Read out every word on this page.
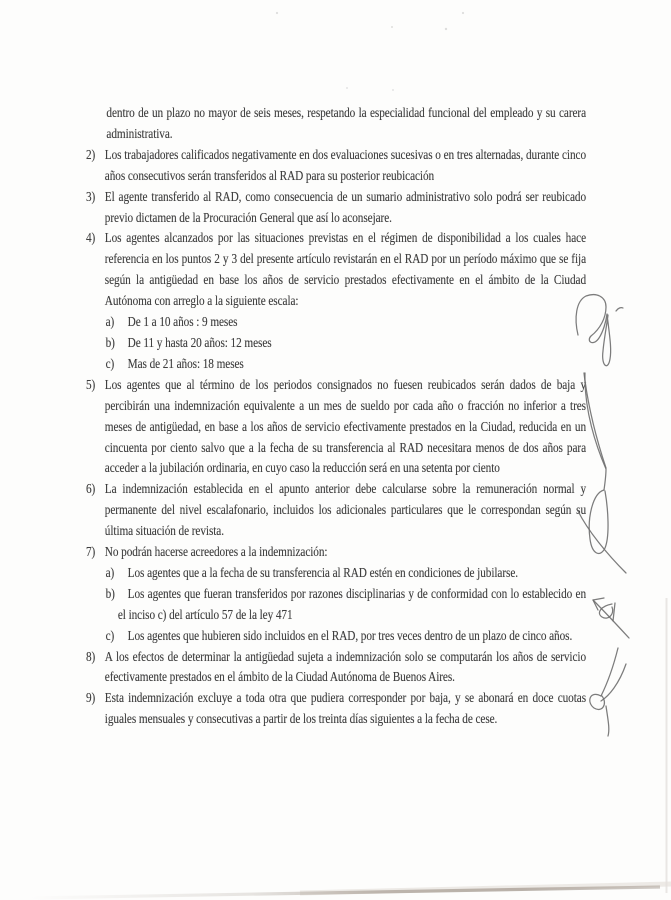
dentro de un plazo no mayor de seis meses, respetando la especialidad funcional del empleado y su carera administrativa.

2) Los trabajadores calificados negativamente en dos evaluaciones sucesivas o en tres alternadas, durante cinco años consecutivos serán transferidos al RAD para su posterior reubicación

3) El agente transferido al RAD, como consecuencia de un sumario administrativo solo podrá ser reubicado previo dictamen de la Procuración General que así lo aconsejare.

4) Los agentes alcanzados por las situaciones previstas en el régimen de disponibilidad a los cuales hace referencia en los puntos 2 y 3 del presente artículo revistarán en el RAD por un período máximo que se fija según la antigüedad en base los años de servicio prestados efectivamente en el ámbito de la Ciudad Autónoma con arreglo a la siguiente escala:

a) De 1 a 10 años : 9 meses

b) De 11 y hasta 20 años: 12 meses

c) Mas de 21 años: 18 meses

5) Los agentes que al término de los periodos consignados no fuesen reubicados serán dados de baja y percibirán una indemnización equivalente a un mes de sueldo por cada año o fracción no inferior a tres meses de antigüedad, en base a los años de servicio efectivamente prestados en la Ciudad, reducida en un cincuenta por ciento salvo que a la fecha de su transferencia al RAD necesitara menos de dos años para acceder a la jubilación ordinaria, en cuyo caso la reducción será en una setenta por ciento

6) La indemnización establecida en el apunto anterior debe calcularse sobre la remuneración normal y permanente del nivel escalafonario, incluidos los adicionales particulares que le correspondan según su última situación de revista.

7) No podrán hacerse acreedores a la indemnización:

a) Los agentes que a la fecha de su transferencia al RAD estén en condiciones de jubilarse.

b) Los agentes que fueran transferidos por razones disciplinarias y de conformidad con lo establecido en el inciso c) del artículo 57 de la ley 471

c) Los agentes que hubieren sido incluidos en el RAD, por tres veces dentro de un plazo de cinco años.

8) A los efectos de determinar la antigüedad sujeta a indemnización solo se computarán los años de servicio efectivamente prestados en el ámbito de la Ciudad Autónoma de Buenos Aires.

9) Esta indemnización excluye a toda otra que pudiera corresponder por baja, y se abonará en doce cuotas iguales mensuales y consecutivas a partir de los treinta días siguientes a la fecha de cese.
